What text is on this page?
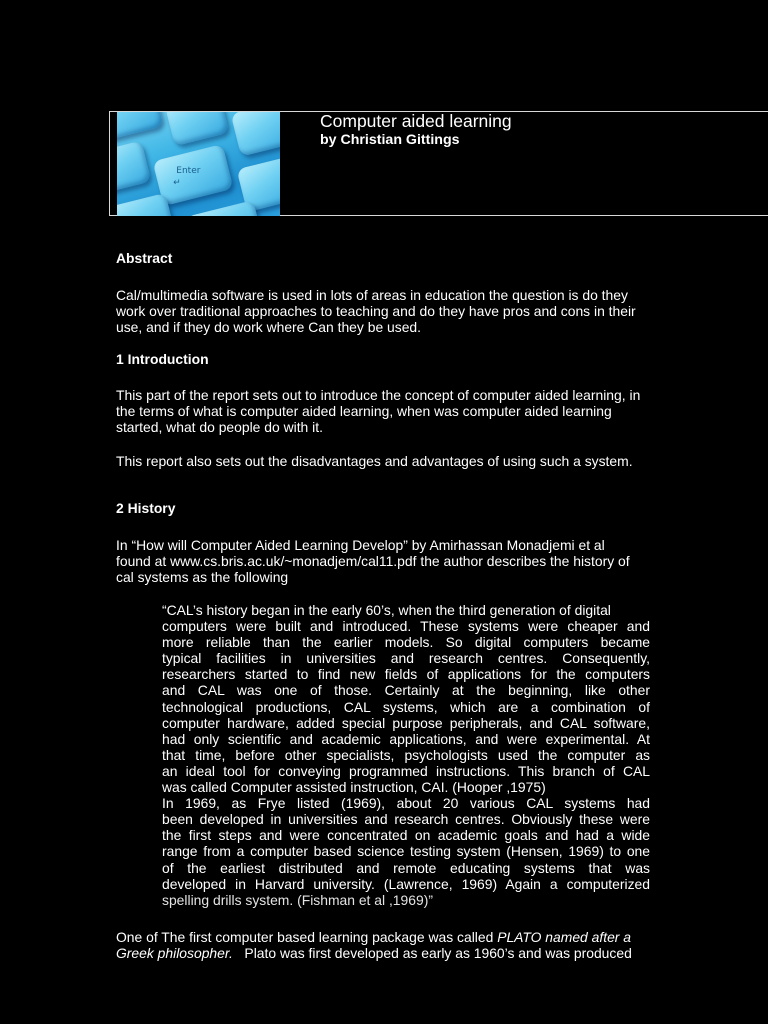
Enter
↵
Computer aided learning
by Christian Gittings
Abstract
Cal/multimedia software is used in lots of areas in education the question is do they
work over traditional approaches to teaching and do they have pros and cons in their
use, and if they do work where Can they be used.
1 Introduction
This part of the report sets out to introduce the concept of computer aided learning, in
the terms of what is computer aided learning, when was computer aided learning
started, what do people do with it.
This report also sets out the disadvantages and advantages of using such a system.
2 History
In “How will Computer Aided Learning Develop” by Amirhassan Monadjemi et al
found at www.cs.bris.ac.uk/~monadjem/cal11.pdf the author describes the history of
cal systems as the following
“CAL’s history began in the early 60’s, when the third generation of digital
computers were built and introduced. These systems were cheaper and
more reliable than the earlier models. So digital computers became
typical facilities in universities and research centres. Consequently,
researchers started to find new fields of applications for the computers
and CAL was one of those. Certainly at the beginning, like other
technological productions, CAL systems, which are a combination of
computer hardware, added special purpose peripherals, and CAL software,
had only scientific and academic applications, and were experimental. At
that time, before other specialists, psychologists used the computer as
an ideal tool for conveying programmed instructions. This branch of CAL
was called Computer assisted instruction, CAI. (Hooper ,1975)
In 1969, as Frye listed (1969), about 20 various CAL systems had
been developed in universities and research centres. Obviously these were
the first steps and were concentrated on academic goals and had a wide
range from a computer based science testing system (Hensen, 1969) to one
of the earliest distributed and remote educating systems that was
developed in Harvard university. (Lawrence, 1969) Again a computerized
spelling drills system. (Fishman et al ,1969)”
One of The first computer based learning package was called PLATO named after a
Greek philosopher.   Plato was first developed as early as 1960’s and was produced
